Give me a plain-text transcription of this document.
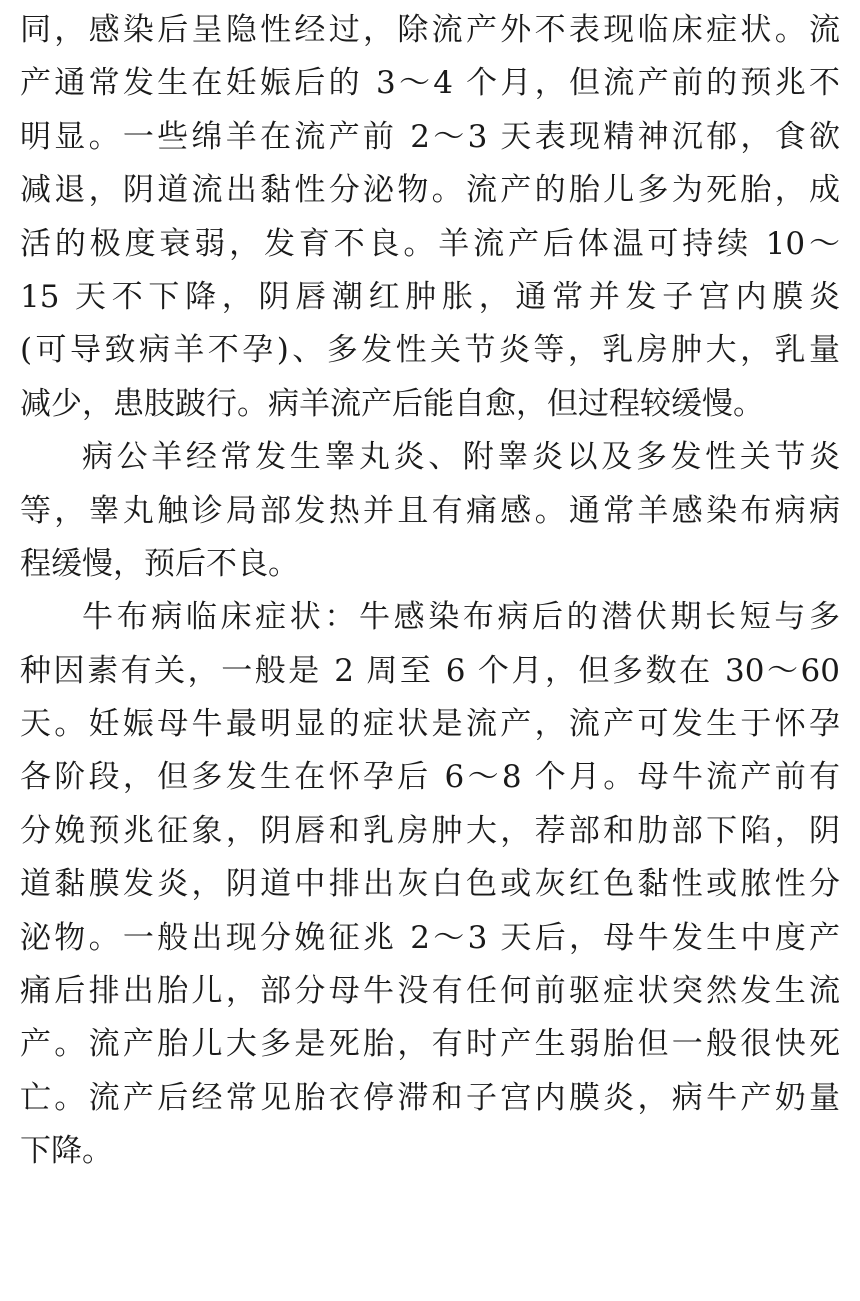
同，感染后呈隐性经过，除流产外不表现临床症状。流
产通常发生在妊娠后的 3～4 个月，但流产前的预兆不
明显。一些绵羊在流产前 2～3 天表现精神沉郁，食欲
减退，阴道流出黏性分泌物。流产的胎儿多为死胎，成
活的极度衰弱，发育不良。羊流产后体温可持续 10～
15 天不下降，阴唇潮红肿胀，通常并发子宫内膜炎
(可导致病羊不孕)、多发性关节炎等，乳房肿大，乳量
减少，患肢跛行。病羊流产后能自愈，但过程较缓慢。
病公羊经常发生睾丸炎、附睾炎以及多发性关节炎
等，睾丸触诊局部发热并且有痛感。通常羊感染布病病
程缓慢，预后不良。
牛布病临床症状：牛感染布病后的潜伏期长短与多
种因素有关，一般是 2 周至 6 个月，但多数在 30～60
天。妊娠母牛最明显的症状是流产，流产可发生于怀孕
各阶段，但多发生在怀孕后 6～8 个月。母牛流产前有
分娩预兆征象，阴唇和乳房肿大，荐部和肋部下陷，阴
道黏膜发炎，阴道中排出灰白色或灰红色黏性或脓性分
泌物。一般出现分娩征兆 2～3 天后，母牛发生中度产
痛后排出胎儿，部分母牛没有任何前驱症状突然发生流
产。流产胎儿大多是死胎，有时产生弱胎但一般很快死
亡。流产后经常见胎衣停滞和子宫内膜炎，病牛产奶量
下降。
